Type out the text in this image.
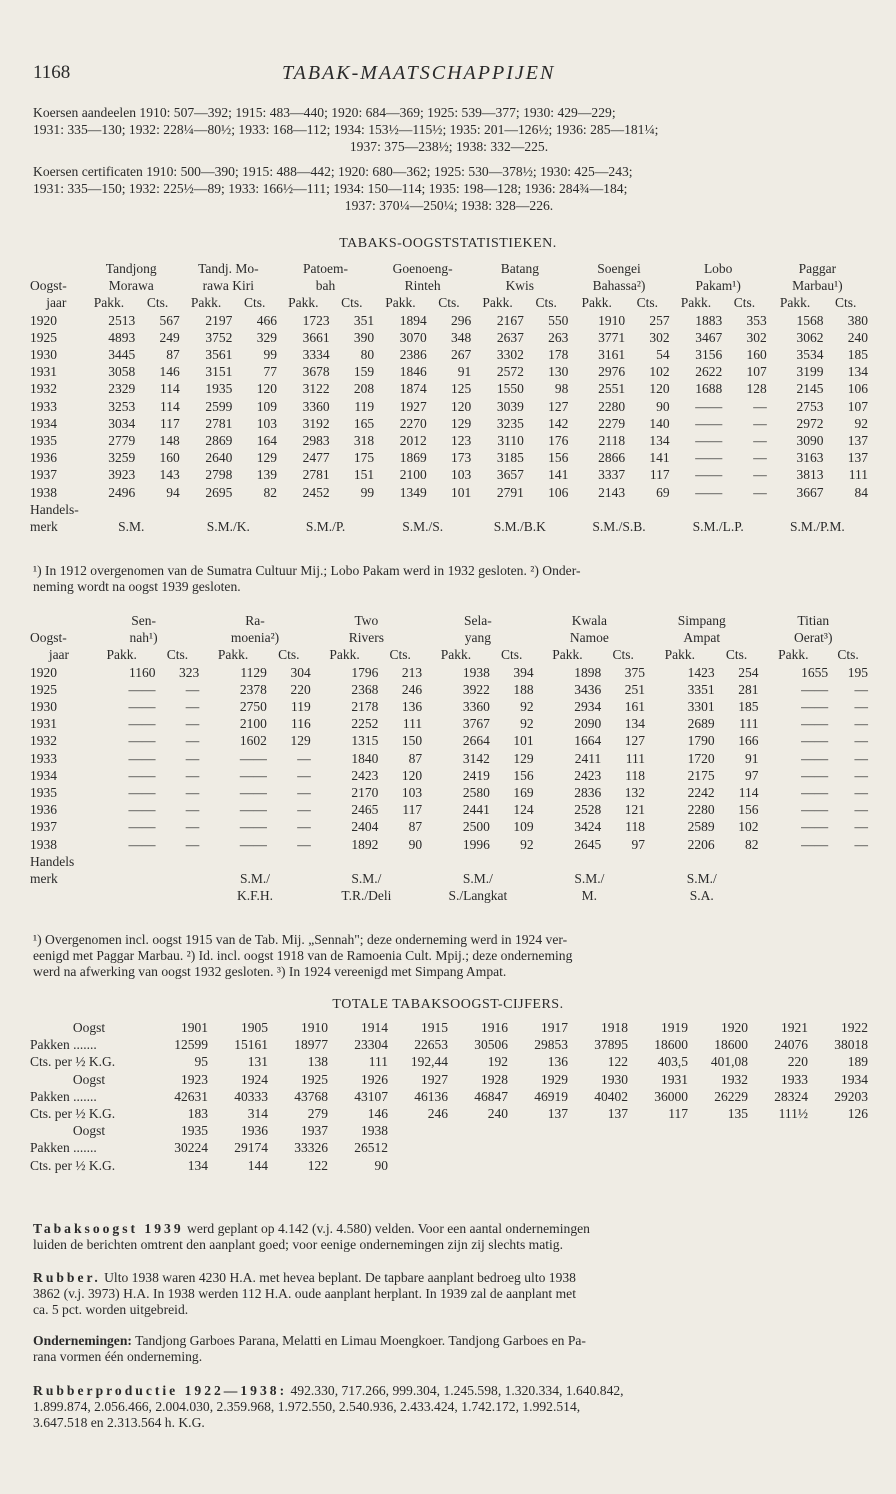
1168	TABAK-MAATSCHAPPIJEN
Koersen aandeelen 1910: 507—392; 1915: 483—440; 1920: 684—369; 1925: 539—377; 1930: 429—229;
1931: 335—130; 1932: 228¼—80½; 1933: 168—112; 1934: 153½—115½; 1935: 201—126½; 1936: 285—181¼;
1937: 375—238½; 1938: 332—225.
Koersen certificaten 1910: 500—390; 1915: 488—442; 1920: 680—362; 1925: 530—378½; 1930: 425—243;
1931: 335—150; 1932: 225½—89; 1933: 166½—111; 1934: 150—114; 1935: 198—128; 1936: 284¾—184;
1937: 370¼—250¼; 1938: 328—226.
TABAKS-OOGSTSTATISTIEKEN.
	Tandjong		Tandj. Mo-		Patoem-		Goenoeng-		Batang		Soengei		Lobo		Paggar	
Oogst-	Morawa		rawa Kiri		bah		Rinteh		Kwis		Bahassa²)		Pakam¹)		Marbau¹)	
jaar	Pakk.	Cts.	Pakk.	Cts.	Pakk.	Cts.	Pakk.	Cts.	Pakk.	Cts.	Pakk.	Cts.	Pakk.	Cts.	Pakk.	Cts.
1920	2513	567	2197	466	1723	351	1894	296	2167	550	1910	257	1883	353	1568	380
1925	4893	249	3752	329	3661	390	3070	348	2637	263	3771	302	3467	302	3062	240
1930	3445	87	3561	99	3334	80	2386	267	3302	178	3161	54	3156	160	3534	185
1931	3058	146	3151	77	3678	159	1846	91	2572	130	2976	102	2622	107	3199	134
1932	2329	114	1935	120	3122	208	1874	125	1550	98	2551	120	1688	128	2145	106
1933	3253	114	2599	109	3360	119	1927	120	3039	127	2280	90	——	—	2753	107
1934	3034	117	2781	103	3192	165	2270	129	3235	142	2279	140	——	—	2972	92
1935	2779	148	2869	164	2983	318	2012	123	3110	176	2118	134	——	—	3090	137
1936	3259	160	2640	129	2477	175	1869	173	3185	156	2866	141	——	—	3163	137
1937	3923	143	2798	139	2781	151	2100	103	3657	141	3337	117	——	—	3813	111
1938	2496	94	2695	82	2452	99	1349	101	2791	106	2143	69	——	—	3667	84
Handels-																
merk	S.M.		S.M./K.		S.M./P.		S.M./S.		S.M./B.K		S.M./S.B.		S.M./L.P.		S.M./P.M.	
¹) In 1912 overgenomen van de Sumatra Cultuur Mij.; Lobo Pakam werd in 1932 gesloten. ²) Onder-
neming wordt na oogst 1939 gesloten.
	Sen-		Ra-		Two		Sela-		Kwala		Simpang		Titian	
Oogst-	nah¹)		moenia²)		Rivers		yang		Namoe		Ampat		Oerat³)	
jaar	Pakk.	Cts.	Pakk.	Cts.	Pakk.	Cts.	Pakk.	Cts.	Pakk.	Cts.	Pakk.	Cts.	Pakk.	Cts.
1920	1160	323	1129	304	1796	213	1938	394	1898	375	1423	254	1655	195
1925	——	—	2378	220	2368	246	3922	188	3436	251	3351	281	——	—
1930	——	—	2750	119	2178	136	3360	92	2934	161	3301	185	——	—
1931	——	—	2100	116	2252	111	3767	92	2090	134	2689	111	——	—
1932	——	—	1602	129	1315	150	2664	101	1664	127	1790	166	——	—
1933	——	—	——	—	1840	87	3142	129	2411	111	1720	91	——	—
1934	——	—	——	—	2423	120	2419	156	2423	118	2175	97	——	—
1935	——	—	——	—	2170	103	2580	169	2836	132	2242	114	——	—
1936	——	—	——	—	2465	117	2441	124	2528	121	2280	156	——	—
1937	——	—	——	—	2404	87	2500	109	3424	118	2589	102	——	—
1938	——	—	——	—	1892	90	1996	92	2645	97	2206	82	——	—
Handels														
merk			S.M./		S.M./		S.M./		S.M./		S.M./			
			K.F.H.		T.R./Deli		S./Langkat		M.		S.A.			
¹) Overgenomen incl. oogst 1915 van de Tab. Mij. „Sennah"; deze onderneming werd in 1924 ver-
eenigd met Paggar Marbau. ²) Id. incl. oogst 1918 van de Ramoenia Cult. Mpij.; deze onderneming
werd na afwerking van oogst 1932 gesloten. ³) In 1924 vereenigd met Simpang Ampat.
TOTALE TABAKSOOGST-CIJFERS.
Oogst	1901	1905	1910	1914	1915	1916	1917	1918	1919	1920	1921	1922
Pakken .......	12599	15161	18977	23304	22653	30506	29853	37895	18600	18600	24076	38018
Cts. per ½ K.G.	95	131	138	111	192,44	192	136	122	403,5	401,08	220	189
Oogst	1923	1924	1925	1926	1927	1928	1929	1930	1931	1932	1933	1934
Pakken .......	42631	40333	43768	43107	46136	46847	46919	40402	36000	26229	28324	29203
Cts. per ½ K.G.	183	314	279	146	246	240	137	137	117	135	111½	126
Oogst	1935	1936	1937	1938								
Pakken .......	30224	29174	33326	26512								
Cts. per ½ K.G.	134	144	122	90								
Tabaksoogst 1939 werd geplant op 4.142 (v.j. 4.580) velden. Voor een aantal ondernemingen
luiden de berichten omtrent den aanplant goed; voor eenige ondernemingen zijn zij slechts matig.
Rubber. Ulto 1938 waren 4230 H.A. met hevea beplant. De tapbare aanplant bedroeg ulto 1938
3862 (v.j. 3973) H.A. In 1938 werden 112 H.A. oude aanplant herplant. In 1939 zal de aanplant met
ca. 5 pct. worden uitgebreid.
Ondernemingen: Tandjong Garboes Parana, Melatti en Limau Moengkoer. Tandjong Garboes en Pa-
rana vormen één onderneming.
Rubberproductie 1922—1938: 492.330, 717.266, 999.304, 1.245.598, 1.320.334, 1.640.842,
1.899.874, 2.056.466, 2.004.030, 2.359.968, 1.972.550, 2.540.936, 2.433.424, 1.742.172, 1.992.514,
3.647.518 en 2.313.564 h. K.G.
